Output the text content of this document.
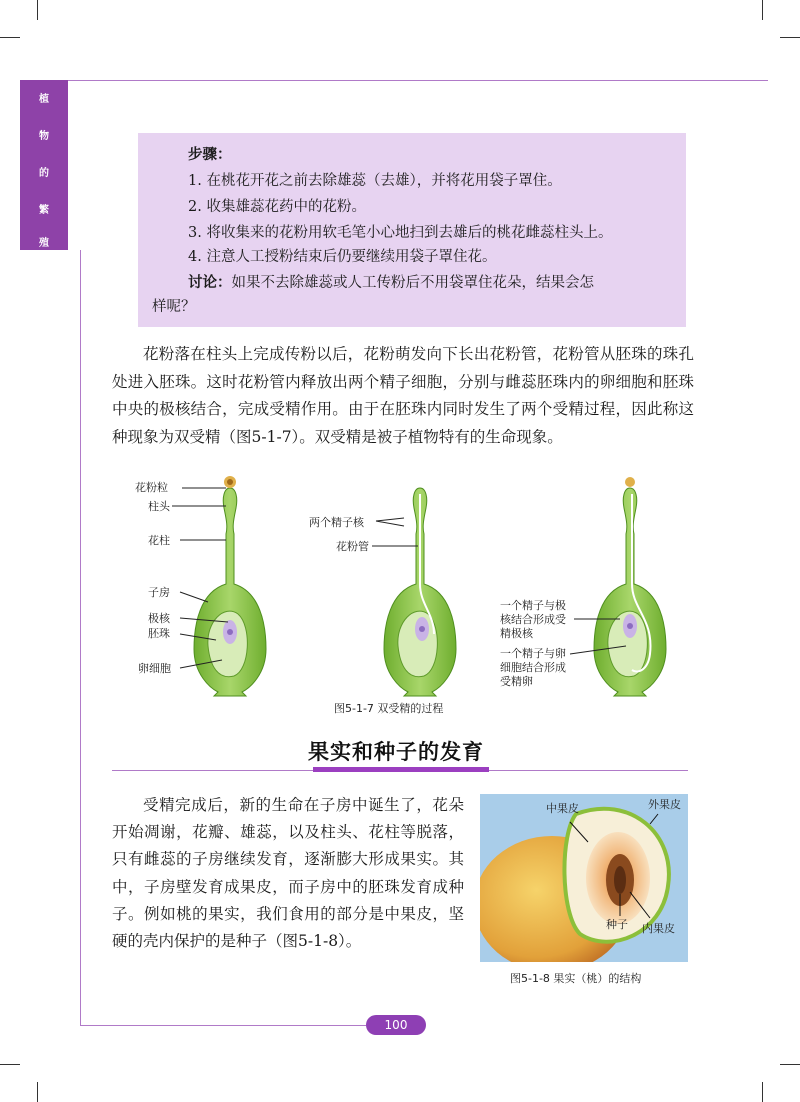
植
物
的
繁
殖
步骤：
1. 在桃花开花之前去除雄蕊（去雄），并将花用袋子罩住。
2. 收集雄蕊花药中的花粉。
3. 将收集来的花粉用软毛笔小心地扫到去雄后的桃花雌蕊柱头上。
4. 注意人工授粉结束后仍要继续用袋子罩住花。
讨论：如果不去除雄蕊或人工传粉后不用袋罩住花朵，结果会怎
样呢？

花粉落在柱头上完成传粉以后，花粉萌发向下长出花粉管，花粉管从胚珠的珠孔处进入胚珠。这时花粉管内释放出两个精子细胞，分别与雌蕊胚珠内的卵细胞和胚珠中央的极核结合，完成受精作用。由于在胚珠内同时发生了两个受精过程，因此称这种现象为双受精（图5-1-7）。双受精是被子植物特有的生命现象。

花粉粒
柱头
花柱
子房
极核
胚珠
卵细胞
两个精子核
花粉管
一个精子与极
核结合形成受
精极核
一个精子与卵
细胞结合形成
受精卵
图5-1-7 双受精的过程
果实和种子的发育

受精完成后，新的生命在子房中诞生了，花朵开始凋谢，花瓣、雄蕊，以及柱头、花柱等脱落，只有雌蕊的子房继续发育，逐渐膨大形成果实。其中，子房壁发育成果皮，而子房中的胚珠发育成种子。例如桃的果实，我们食用的部分是中果皮，坚硬的壳内保护的是种子（图5-1-8）。

中果皮	外果皮
种子 内果皮
图5-1-8 果实（桃）的结构
100
